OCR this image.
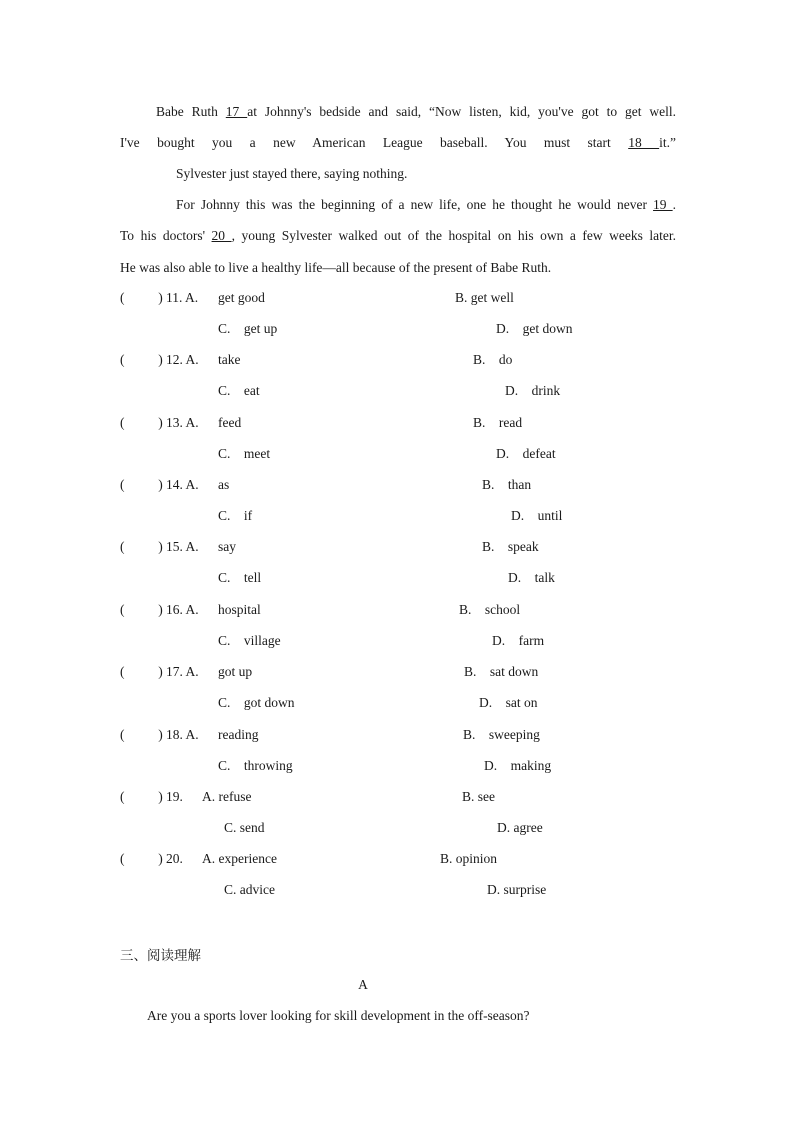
Babe Ruth 17 at Johnny's bedside and said, “Now listen, kid, you've got to get well.
I've bought you a new American League baseball. You must start 18 it.”
Sylvester just stayed there, saying nothing.
For Johnny this was the beginning of a new life, one he thought he would never 19 .
To his doctors' 20 , young Sylvester walked out of the hospital on his own a few weeks later.
He was also able to live a healthy life—all because of the present of Babe Ruth.
(          ) 11. A. get good	B. get well
C.    get up	D.    get down
(          ) 12. A. take	B.    do
C.    eat	D.    drink
(          ) 13. A. feed	B.    read
C.    meet	D.    defeat
(          ) 14. A. as	B.    than
C.    if	D.    until
(          ) 15. A. say	B.    speak
C.    tell	D.    talk
(          ) 16. A. hospital	B.    school
C.    village	D.    farm
(          ) 17. A. got up	B.    sat down
C.    got down	D.    sat on
(          ) 18. A. reading	B.    sweeping
C.    throwing	D.    making
(          ) 19. A. refuse	B. see
C. send	D. agree
(          ) 20. A. experience	B. opinion
C. advice	D. surprise
三、阅读理解
A
Are you a sports lover looking for skill development in the off-season?
